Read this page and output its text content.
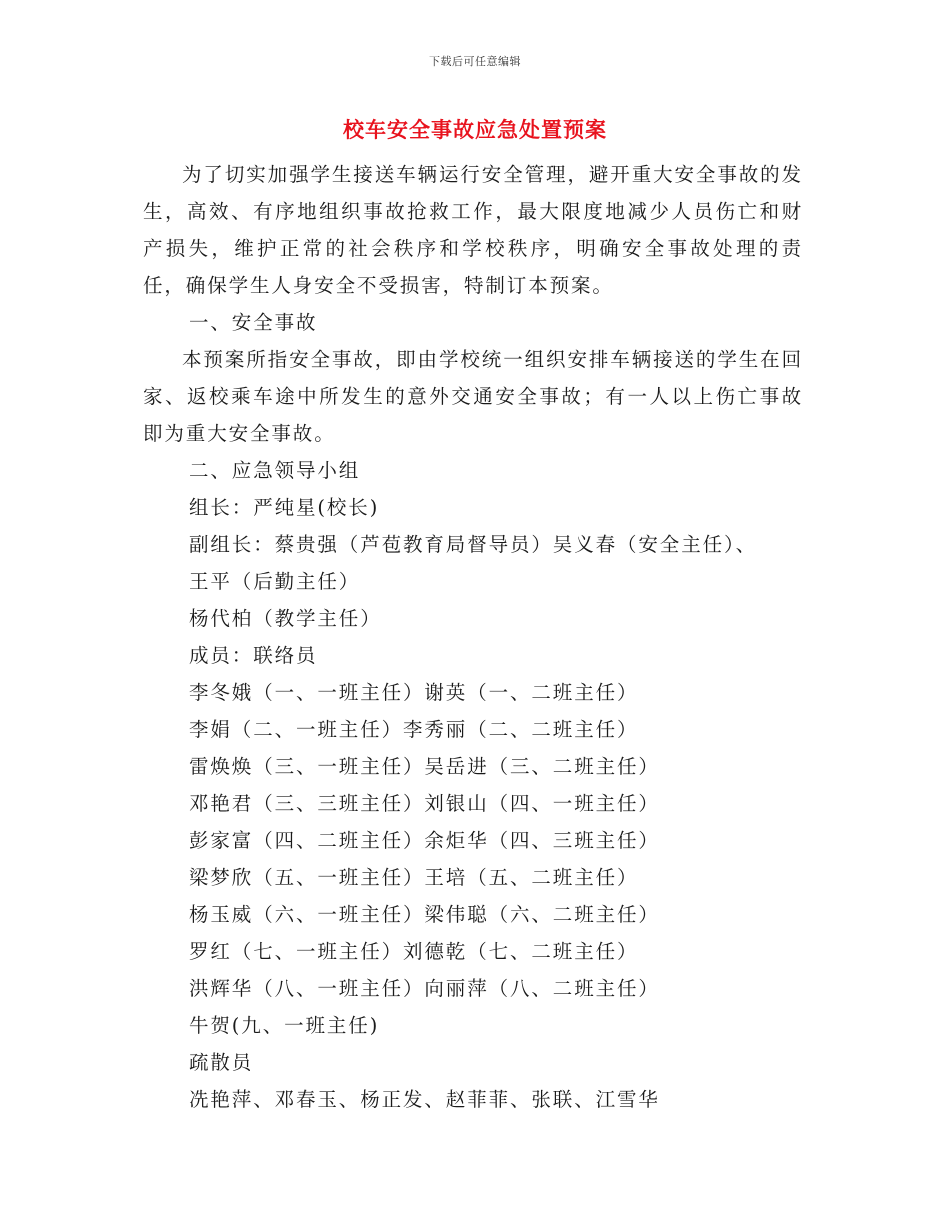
下载后可任意编辑
校车安全事故应急处置预案

为了切实加强学生接送车辆运行安全管理，避开重大安全事故的发生，高效、有序地组织事故抢救工作，最大限度地减少人员伤亡和财产损失，维护正常的社会秩序和学校秩序，明确安全事故处理的责任，确保学生人身安全不受损害，特制订本预案。

一、安全事故

本预案所指安全事故，即由学校统一组织安排车辆接送的学生在回家、返校乘车途中所发生的意外交通安全事故；有一人以上伤亡事故即为重大安全事故。

二、应急领导小组

组长：严纯星(校长)

副组长：蔡贵强（芦苞教育局督导员）吴义春（安全主任）、

王平（后勤主任）

杨代柏（教学主任）

成员：联络员

李冬娥（一、一班主任）谢英（一、二班主任）

李娟（二、一班主任）李秀丽（二、二班主任）

雷焕焕（三、一班主任）吴岳进（三、二班主任）

邓艳君（三、三班主任）刘银山（四、一班主任）

彭家富（四、二班主任）余炬华（四、三班主任）

梁梦欣（五、一班主任）王培（五、二班主任）

杨玉威（六、一班主任）梁伟聪（六、二班主任）

罗红（七、一班主任）刘德乾（七、二班主任）

洪辉华（八、一班主任）向丽萍（八、二班主任）

牛贺(九、一班主任)

疏散员

冼艳萍、邓春玉、杨正发、赵菲菲、张联、江雪华
